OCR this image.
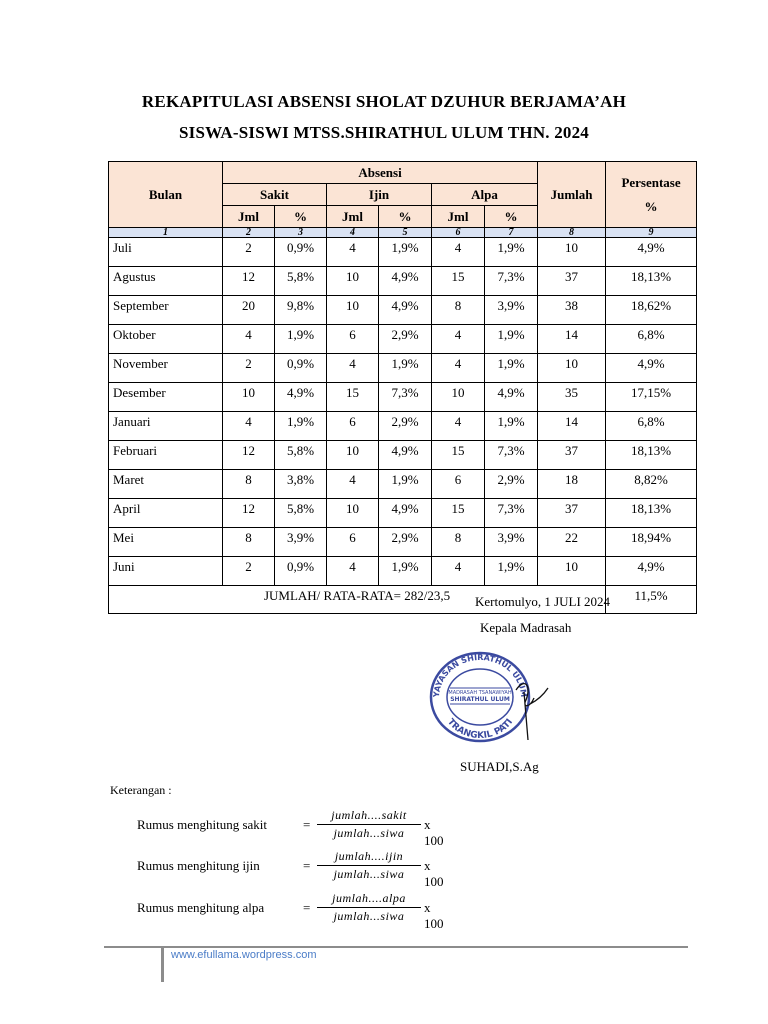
REKAPITULASI ABSENSI SHOLAT DZUHUR BERJAMA’AH
SISWA-SISWI MTSS.SHIRATHUL ULUM THN. 2024
Bulan	Absensi						Jumlah	Persentase
%
	Sakit		Ijin		Alpa			
	Jml	%	Jml	%	Jml	%		
1	2	3	4	5	6	7	8	9
Juli	2	0,9%	4	1,9%	4	1,9%	10	4,9%
Agustus	12	5,8%	10	4,9%	15	7,3%	37	18,13%
September	20	9,8%	10	4,9%	8	3,9%	38	18,62%
Oktober	4	1,9%	6	2,9%	4	1,9%	14	6,8%
November	2	0,9%	4	1,9%	4	1,9%	10	4,9%
Desember	10	4,9%	15	7,3%	10	4,9%	35	17,15%
Januari	4	1,9%	6	2,9%	4	1,9%	14	6,8%
Februari	12	5,8%	10	4,9%	15	7,3%	37	18,13%
Maret	8	3,8%	4	1,9%	6	2,9%	18	8,82%
April	12	5,8%	10	4,9%	15	7,3%	37	18,13%
Mei	8	3,9%	6	2,9%	8	3,9%	22	18,94%
Juni	2	0,9%	4	1,9%	4	1,9%	10	4,9%
JUMLAH/ RATA-RATA= 282/23,5								11,5%
Kertomulyo, 1 JULI 2024
Kepala Madrasah
YAYASAN SHIRATHUL ULUM
TRANGKIL PATI
MADRASAH TSANAWIYAH
SHIRATHUL ULUM
SUHADI,S.Ag
Keterangan :
Rumus menghitung sakit	=
jumlah....sakit
jumlah...siwa
x 100
Rumus menghitung ijin	=
jumlah....ijin
jumlah...siwa
x 100
Rumus menghitung alpa	=
jumlah....alpa
jumlah...siwa
x 100
www.efullama.wordpress.com
